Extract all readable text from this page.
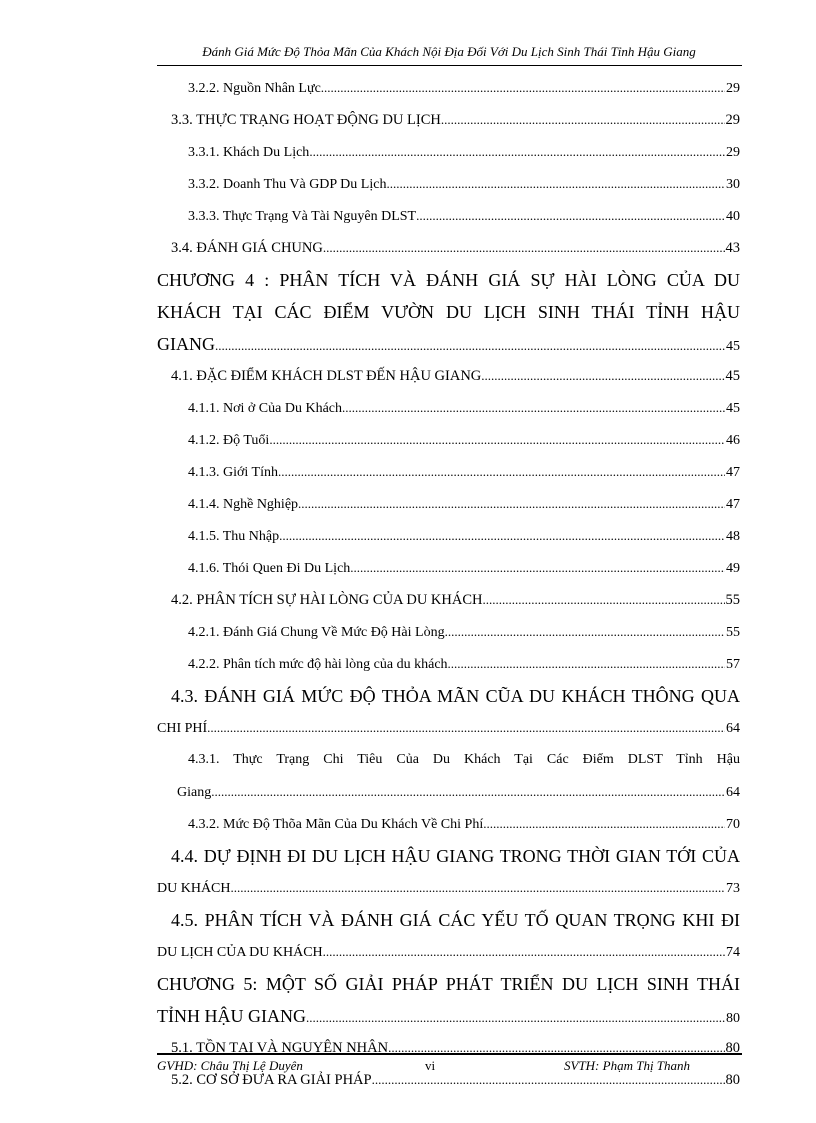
Đánh Giá Mức Độ Thỏa Mãn Của Khách Nội Địa Đối Với Du Lịch Sinh Thái Tỉnh Hậu Giang
3.2.2. Nguồn Nhân Lực .....	29
3.3. THỰC TRẠNG HOẠT ĐỘNG DU LỊCH .....	29
3.3.1. Khách Du Lịch .....	29
3.3.2. Doanh Thu Và GDP Du Lịch .....	30
3.3.3. Thực Trạng Và Tài Nguyên DLST .....	40
3.4. ĐÁNH GIÁ CHUNG .....	43
CHƯƠNG 4 : PHÂN TÍCH VÀ ĐÁNH GIÁ SỰ HÀI LÒNG CỦA DU
KHÁCH TẠI CÁC ĐIỂM VƯỜN DU LỊCH SINH THÁI TỈNH HẬU
GIANG .....	45
4.1. ĐẶC ĐIỂM KHÁCH DLST ĐẾN HẬU GIANG .....	45
4.1.1. Nơi ở Của Du Khách .....	45
4.1.2. Độ Tuổi .....	46
4.1.3. Giới Tính .....	47
4.1.4. Nghề Nghiệp .....	47
4.1.5. Thu Nhập .....	48
4.1.6. Thói Quen Đi Du Lịch .....	49
4.2. PHÂN TÍCH SỰ HÀI LÒNG CỦA DU KHÁCH .....	55
4.2.1. Đánh Giá Chung Về Mức Độ Hài Lòng .....	55
4.2.2. Phân tích mức độ hài lòng của du khách .....	57
4.3. ĐÁNH GIÁ MỨC ĐỘ THỎA MÃN CŨA DU KHÁCH THÔNG QUA
CHI PHÍ .....	64
4.3.1. Thực Trạng Chi Tiêu Của Du Khách Tại Các Điểm DLST Tỉnh Hậu
Giang .....	64
4.3.2. Mức Độ Thõa Mãn Của Du Khách Về Chi Phí .....	70
4.4. DỰ ĐỊNH ĐI DU LỊCH HẬU GIANG TRONG THỜI GIAN TỚI CỦA
DU KHÁCH .....	73
4.5. PHÂN TÍCH VÀ ĐÁNH GIÁ CÁC YẾU TỐ QUAN TRỌNG KHI ĐI
DU LỊCH CỦA DU KHÁCH .....	74
CHƯƠNG 5: MỘT SỐ GIẢI PHÁP PHÁT TRIỂN DU LỊCH SINH THÁI
TỈNH HẬU GIANG .....	80
5.1. TỒN TẠI VÀ NGUYÊN NHÂN .....	80
5.2. CƠ SỞ ĐƯA RA GIẢI PHÁP .....	80
GVHD: Châu Thị Lệ Duyên	vi	SVTH: Phạm Thị Thanh
